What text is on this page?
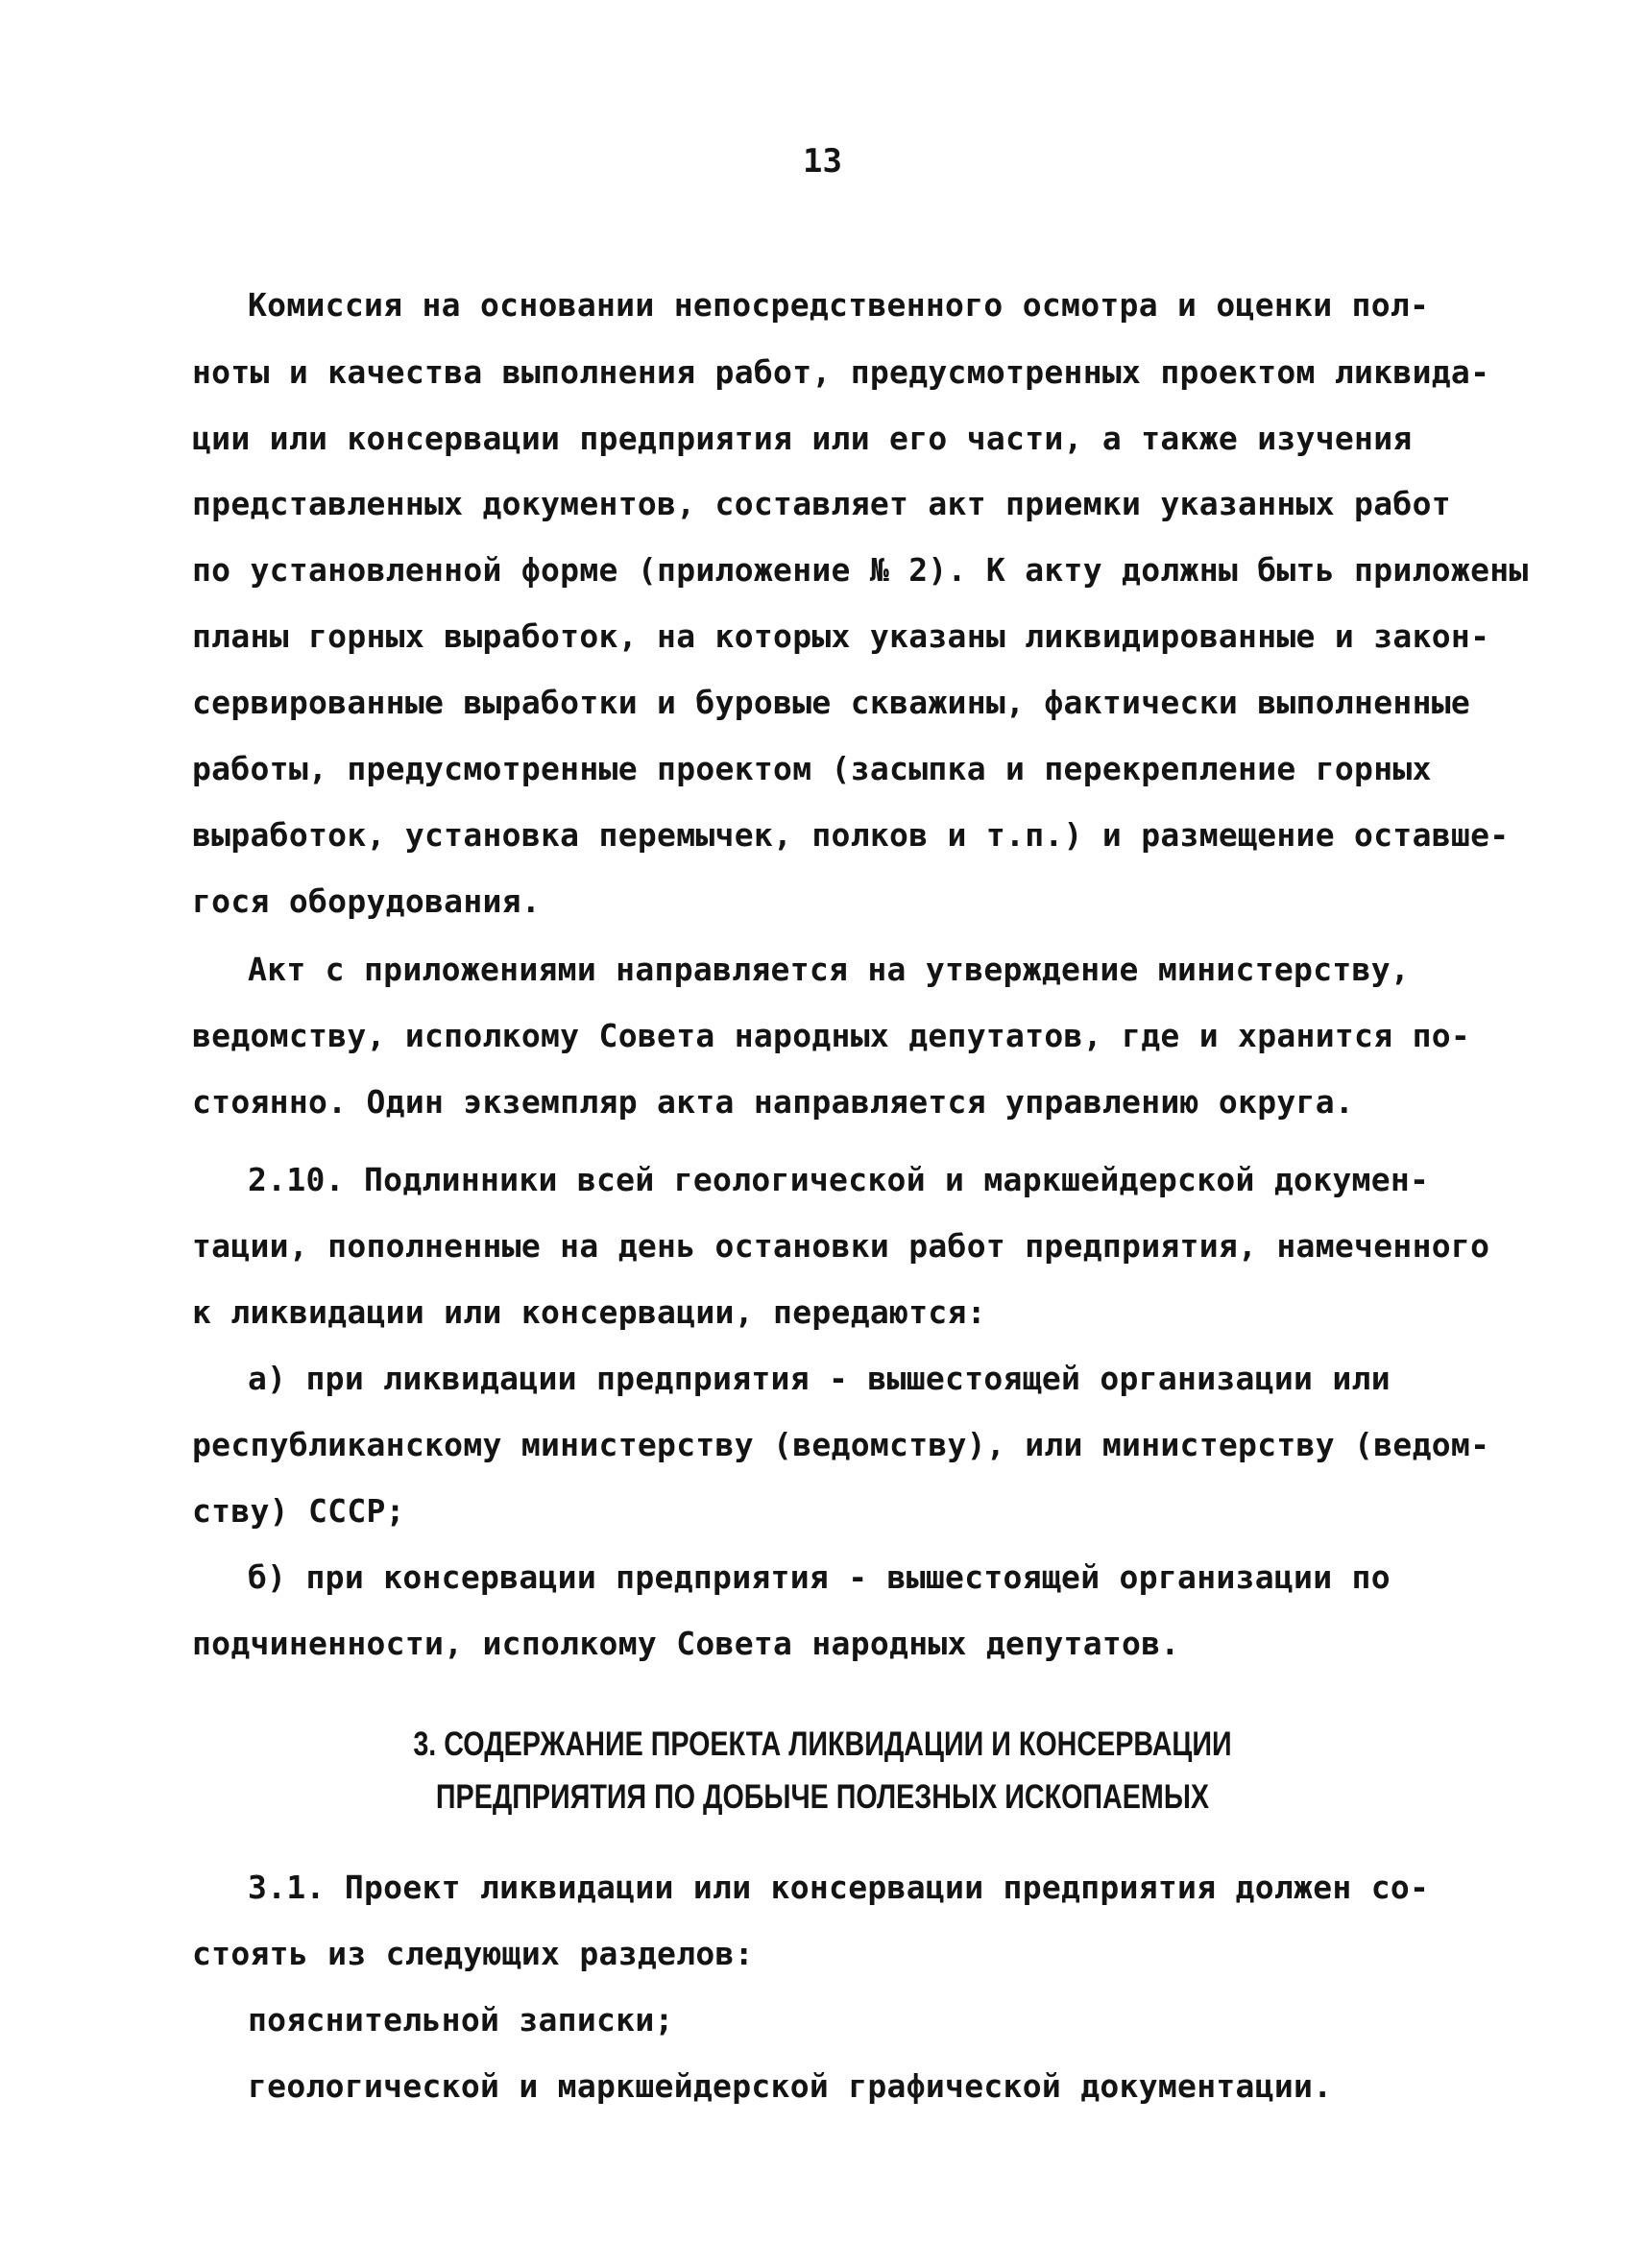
13
Комиссия на основании непосредственного осмотра и оценки пол-
ноты и качества выполнения работ, предусмотренных проектом ликвида-
ции или консервации предприятия или его части, а также изучения
представленных документов, составляет акт приемки указанных работ
по установленной форме (приложение № 2). К акту должны быть приложены
планы горных выработок, на которых указаны ликвидированные и закон-
сервированные выработки и буровые скважины, фактически выполненные
работы, предусмотренные проектом (засыпка и перекрепление горных
выработок, установка перемычек, полков и т.п.) и размещение оставше-
гося оборудования.
Акт с приложениями направляется на утверждение министерству,
ведомству, исполкому Совета народных депутатов, где и хранится по-
стоянно. Один экземпляр акта направляется управлению округа.
2.10. Подлинники всей геологической и маркшейдерской докумен-
тации, пополненные на день остановки работ предприятия, намеченного
к ликвидации или консервации, передаются:
а) при ликвидации предприятия - вышестоящей организации или
республиканскому министерству (ведомству), или министерству (ведом-
ству) СССР;
б) при консервации предприятия - вышестоящей организации по
подчиненности, исполкому Совета народных депутатов.
3. СОДЕРЖАНИЕ ПРОЕКТА ЛИКВИДАЦИИ И КОНСЕРВАЦИИ
ПРЕДПРИЯТИЯ ПО ДОБЫЧЕ ПОЛЕЗНЫХ ИСКОПАЕМЫХ
3.1. Проект ликвидации или консервации предприятия должен со-
стоять из следующих разделов:
пояснительной записки;
геологической и маркшейдерской графической документации.
